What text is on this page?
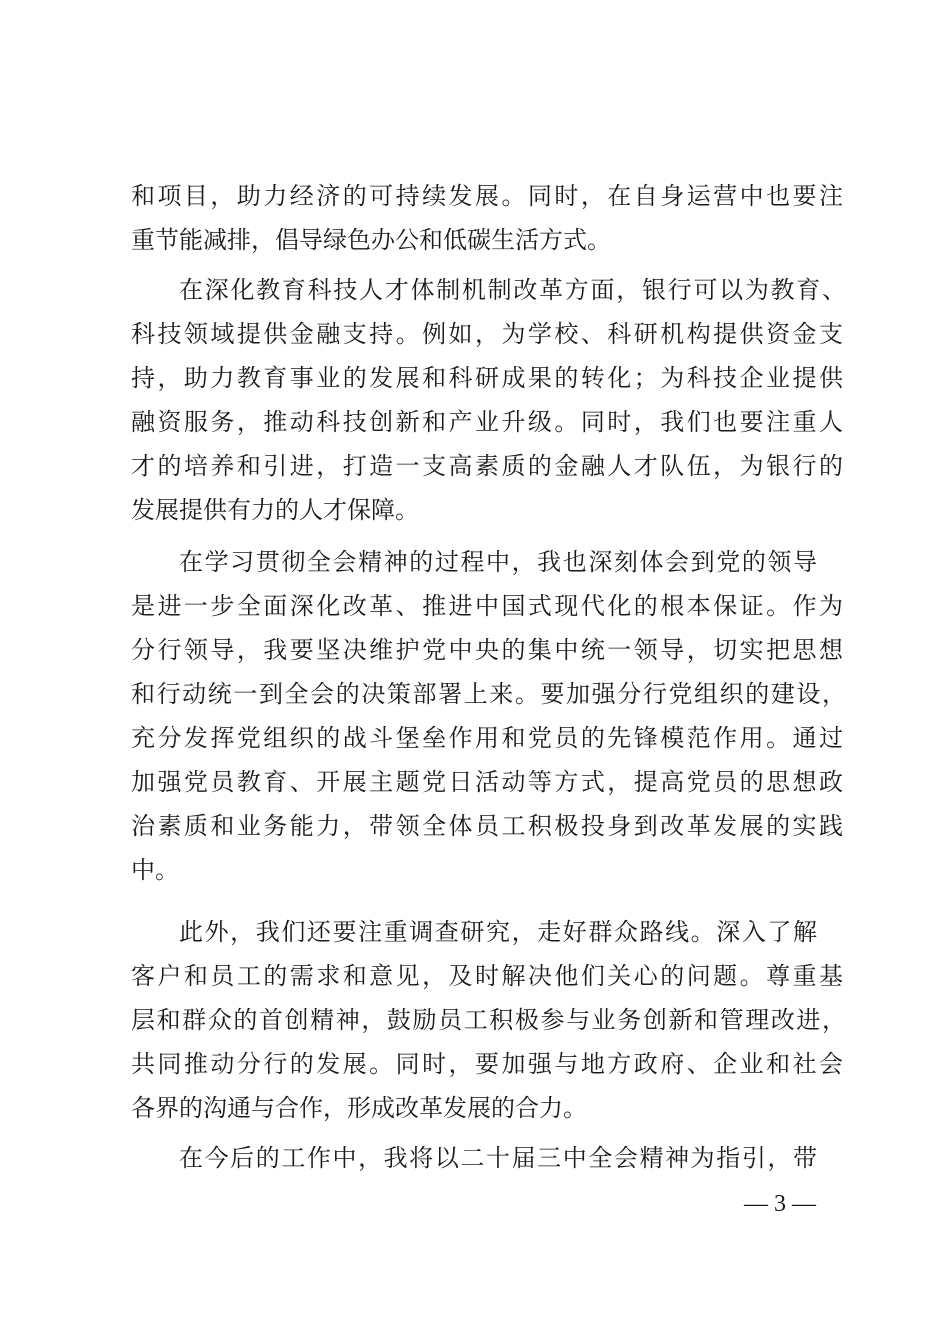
和项目，助力经济的可持续发展。同时，在自身运营中也要注
重节能减排，倡导绿色办公和低碳生活方式。
在深化教育科技人才体制机制改革方面，银行可以为教育、
科技领域提供金融支持。例如，为学校、科研机构提供资金支
持，助力教育事业的发展和科研成果的转化；为科技企业提供
融资服务，推动科技创新和产业升级。同时，我们也要注重人
才的培养和引进，打造一支高素质的金融人才队伍，为银行的
发展提供有力的人才保障。
在学习贯彻全会精神的过程中，我也深刻体会到党的领导
是进一步全面深化改革、推进中国式现代化的根本保证。作为
分行领导，我要坚决维护党中央的集中统一领导，切实把思想
和行动统一到全会的决策部署上来。要加强分行党组织的建设，
充分发挥党组织的战斗堡垒作用和党员的先锋模范作用。通过
加强党员教育、开展主题党日活动等方式，提高党员的思想政
治素质和业务能力，带领全体员工积极投身到改革发展的实践
中。
此外，我们还要注重调查研究，走好群众路线。深入了解
客户和员工的需求和意见，及时解决他们关心的问题。尊重基
层和群众的首创精神，鼓励员工积极参与业务创新和管理改进，
共同推动分行的发展。同时，要加强与地方政府、企业和社会
各界的沟通与合作，形成改革发展的合力。
在今后的工作中，我将以二十届三中全会精神为指引，带
— 3 —
